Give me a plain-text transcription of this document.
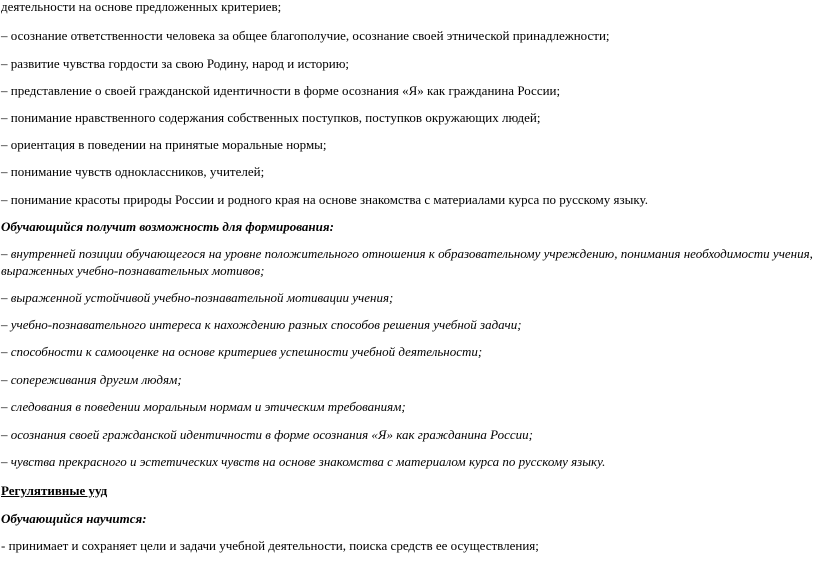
деятельности на основе предложенных критериев;
– осознание ответственности человека за общее благополучие, осознание своей этнической принадлежности;
– развитие чувства гордости за свою Родину, народ и историю;
– представление о своей гражданской идентичности в форме осознания «Я» как гражданина России;
– понимание нравственного содержания собственных поступков, поступков окружающих людей;
– ориентация в поведении на принятые моральные нормы;
– понимание чувств одноклассников, учителей;
– понимание красоты природы России и родного края на основе знакомства с материалами курса по русскому языку.
Обучающийся получит возможность для формирования:
– внутренней позиции обучающегося на уровне положительного отношения к образовательному учреждению, понимания необходимости учения,
выраженных учебно-познавательных мотивов;
– выраженной устойчивой учебно-познавательной мотивации учения;
– учебно-познавательного интереса к нахождению разных способов решения учебной задачи;
– способности к самооценке на основе критериев успешности учебной деятельности;
– сопереживания другим людям;
– следования в поведении моральным нормам и этическим требованиям;
– осознания своей гражданской идентичности в форме осознания «Я» как гражданина России;
– чувства прекрасного и эстетических чувств на основе знакомства с материалом курса по русскому языку.
Регулятивные ууд
Обучающийся научится:
- принимает и сохраняет цели и задачи учебной деятельности, поиска средств ее осуществления;
